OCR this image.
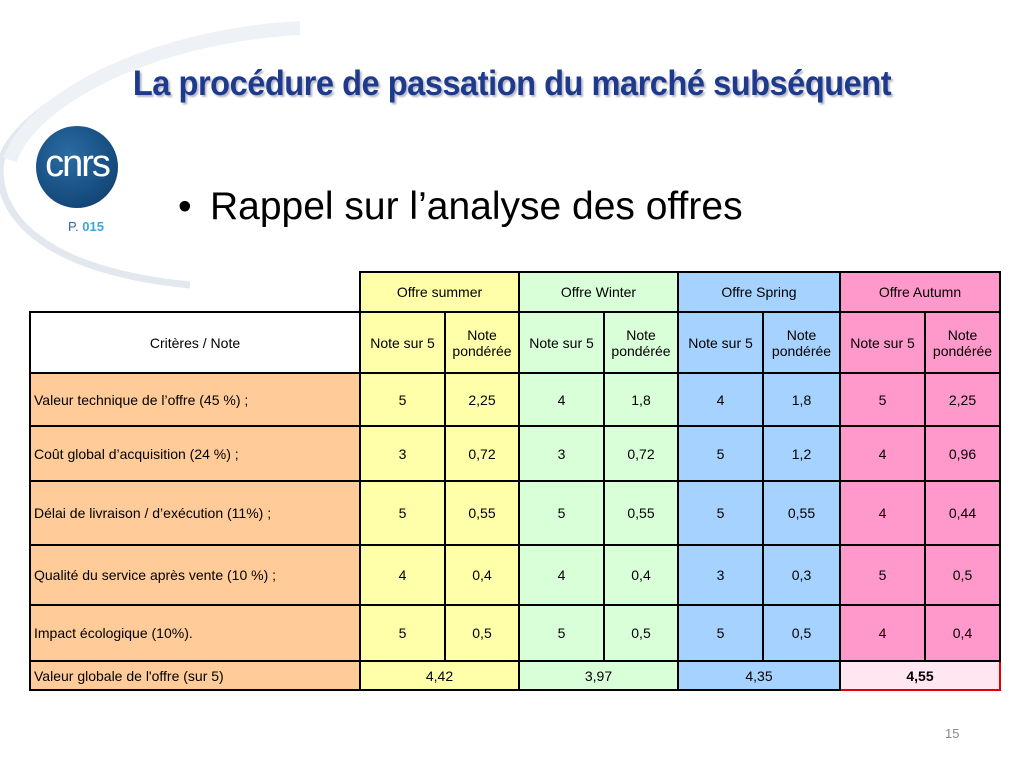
La procédure de passation du marché subséquent
cnrs
P. 015 • Rappel sur l’analyse des offres
	Offre summer		Offre Winter		Offre Spring		Offre Autumn	
Critères / Note	Note sur 5	Note pondérée	Note sur 5	Note pondérée	Note sur 5	Note pondérée	Note sur 5	Note pondérée
Valeur technique de l’offre (45 %) ;	5	2,25	4	1,8	4	1,8	5	2,25
Coût global d’acquisition (24 %) ;	3	0,72	3	0,72	5	1,2	4	0,96
Délai de livraison / d’exécution (11%) ;	5	0,55	5	0,55	5	0,55	4	0,44
Qualité du service après vente (10 %) ;	4	0,4	4	0,4	3	0,3	5	0,5
Impact écologique (10%).	5	0,5	5	0,5	5	0,5	4	0,4
Valeur globale de l'offre (sur 5)	4,42		3,97		4,35		4,55	
15
